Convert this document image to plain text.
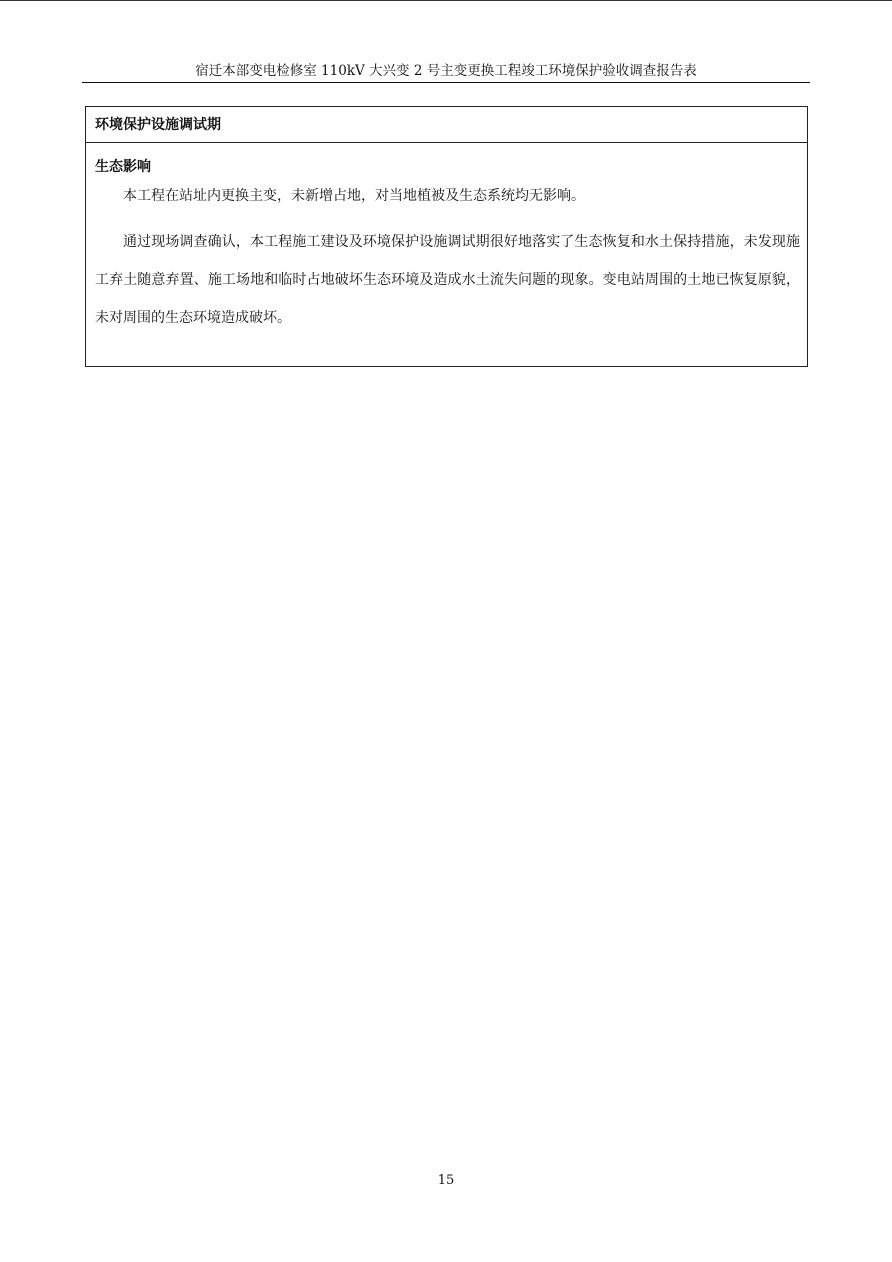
宿迁本部变电检修室 110kV 大兴变 2 号主变更换工程竣工环境保护验收调查报告表
环境保护设施调试期
生态影响

本工程在站址内更换主变，未新增占地，对当地植被及生态系统均无影响。

通过现场调查确认，本工程施工建设及环境保护设施调试期很好地落实了生态恢复和水土保持措施，未发现施工弃土随意弃置、施工场地和临时占地破坏生态环境及造成水土流失问题的现象。变电站周围的土地已恢复原貌，未对周围的生态环境造成破坏。

15
